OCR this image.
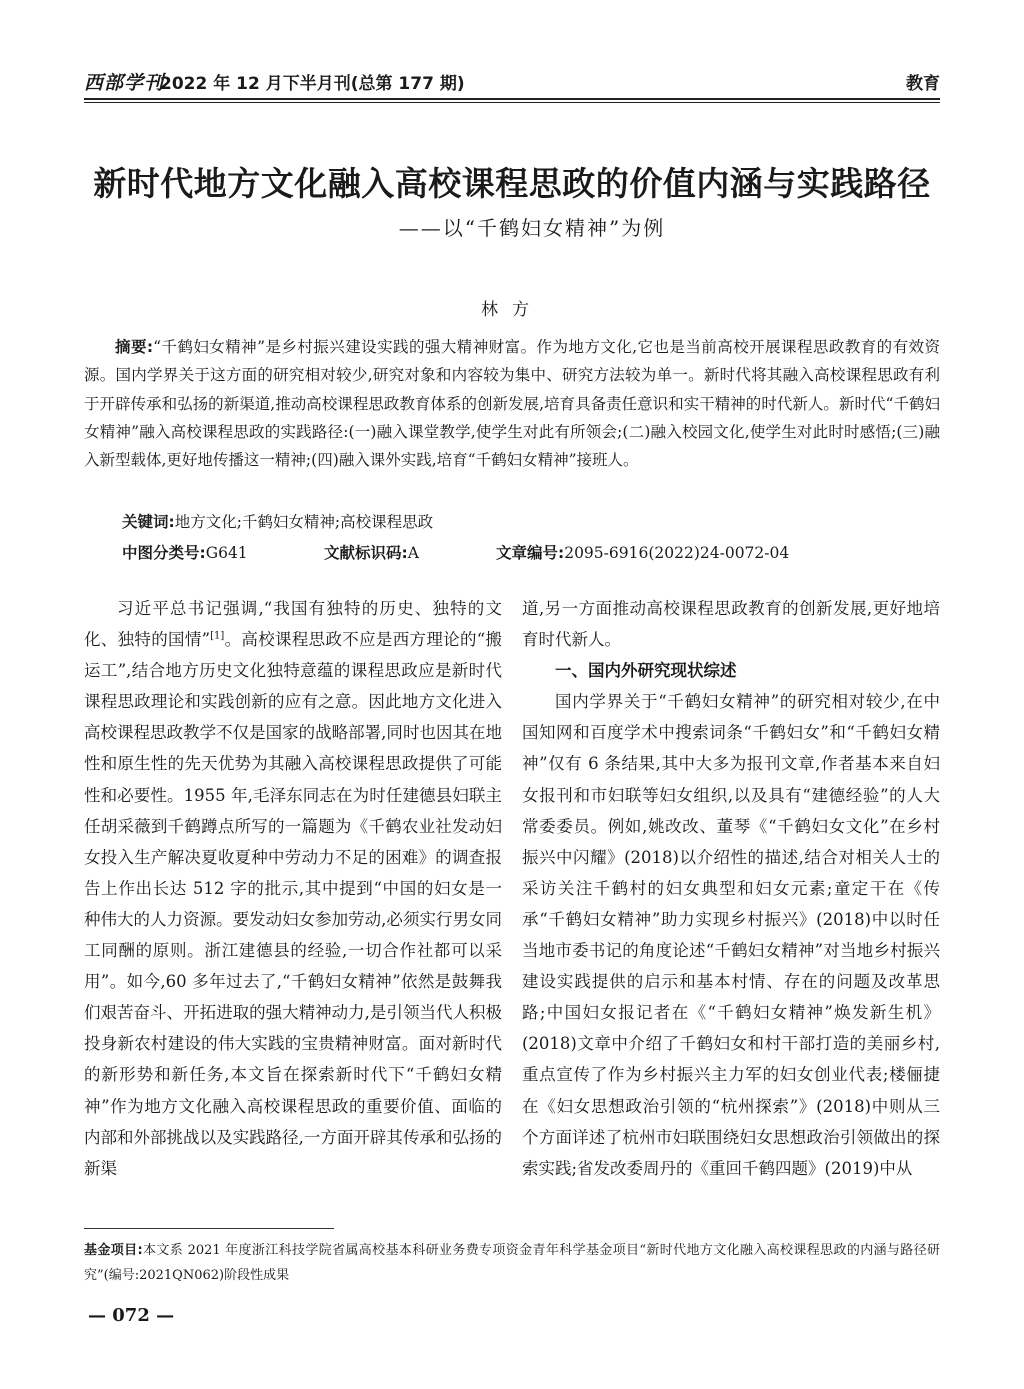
西部学刊
2022 年 12 月下半月刊(总第 177 期)	教育
新时代地方文化融入高校课程思政的价值内涵与实践路径
——以“千鹤妇女精神”为例
林方
摘要:“千鹤妇女精神”是乡村振兴建设实践的强大精神财富。作为地方文化,它也是当前高校开展课程思政教育的有效资源。国内学界关于这方面的研究相对较少,研究对象和内容较为集中、研究方法较为单一。新时代将其融入高校课程思政有利于开辟传承和弘扬的新渠道,推动高校课程思政教育体系的创新发展,培育具备责任意识和实干精神的时代新人。新时代“千鹤妇女精神”融入高校课程思政的实践路径:(一)融入课堂教学,使学生对此有所领会;(二)融入校园文化,使学生对此时时感悟;(三)融入新型载体,更好地传播这一精神;(四)融入课外实践,培育“千鹤妇女精神”接班人。
关键词:地方文化;千鹤妇女精神;高校课程思政
中图分类号:G641	文献标识码:A	文章编号:2095-6916(2022)24-0072-04

习近平总书记强调,“我国有独特的历史、独特的文化、独特的国情”[1]。高校课程思政不应是西方理论的“搬运工”,结合地方历史文化独特意蕴的课程思政应是新时代课程思政理论和实践创新的应有之意。因此地方文化进入高校课程思政教学不仅是国家的战略部署,同时也因其在地性和原生性的先天优势为其融入高校课程思政提供了可能性和必要性。1955 年,毛泽东同志在为时任建德县妇联主任胡采薇到千鹤蹲点所写的一篇题为《千鹤农业社发动妇女投入生产解决夏收夏种中劳动力不足的困难》的调查报告上作出长达 512 字的批示,其中提到“中国的妇女是一种伟大的人力资源。要发动妇女参加劳动,必须实行男女同工同酬的原则。浙江建德县的经验,一切合作社都可以采用”。如今,60 多年过去了,“千鹤妇女精神”依然是鼓舞我们艰苦奋斗、开拓进取的强大精神动力,是引领当代人积极投身新农村建设的伟大实践的宝贵精神财富。面对新时代的新形势和新任务,本文旨在探索新时代下“千鹤妇女精神”作为地方文化融入高校课程思政的重要价值、面临的内部和外部挑战以及实践路径,一方面开辟其传承和弘扬的新渠

道,另一方面推动高校课程思政教育的创新发展,更好地培育时代新人。

一、国内外研究现状综述

国内学界关于“千鹤妇女精神”的研究相对较少,在中国知网和百度学术中搜索词条“千鹤妇女”和“千鹤妇女精神”仅有 6 条结果,其中大多为报刊文章,作者基本来自妇女报刊和市妇联等妇女组织,以及具有“建德经验”的人大常委委员。例如,姚改改、董琴《“千鹤妇女文化”在乡村振兴中闪耀》(2018)以介绍性的描述,结合对相关人士的采访关注千鹤村的妇女典型和妇女元素;童定干在《传承“千鹤妇女精神”助力实现乡村振兴》(2018)中以时任当地市委书记的角度论述“千鹤妇女精神”对当地乡村振兴建设实践提供的启示和基本村情、存在的问题及改革思路;中国妇女报记者在《“千鹤妇女精神”焕发新生机》(2018)文章中介绍了千鹤妇女和村干部打造的美丽乡村,重点宣传了作为乡村振兴主力军的妇女创业代表;楼俪捷在《妇女思想政治引领的“杭州探索”》(2018)中则从三个方面详述了杭州市妇联围绕妇女思想政治引领做出的探索实践;省发改委周丹的《重回千鹤四题》(2019)中从

基金项目:本文系 2021 年度浙江科技学院省属高校基本科研业务费专项资金青年科学基金项目“新时代地方文化融入高校课程思政的内涵与路径研究”(编号:2021QN062)阶段性成果
— 072 —
